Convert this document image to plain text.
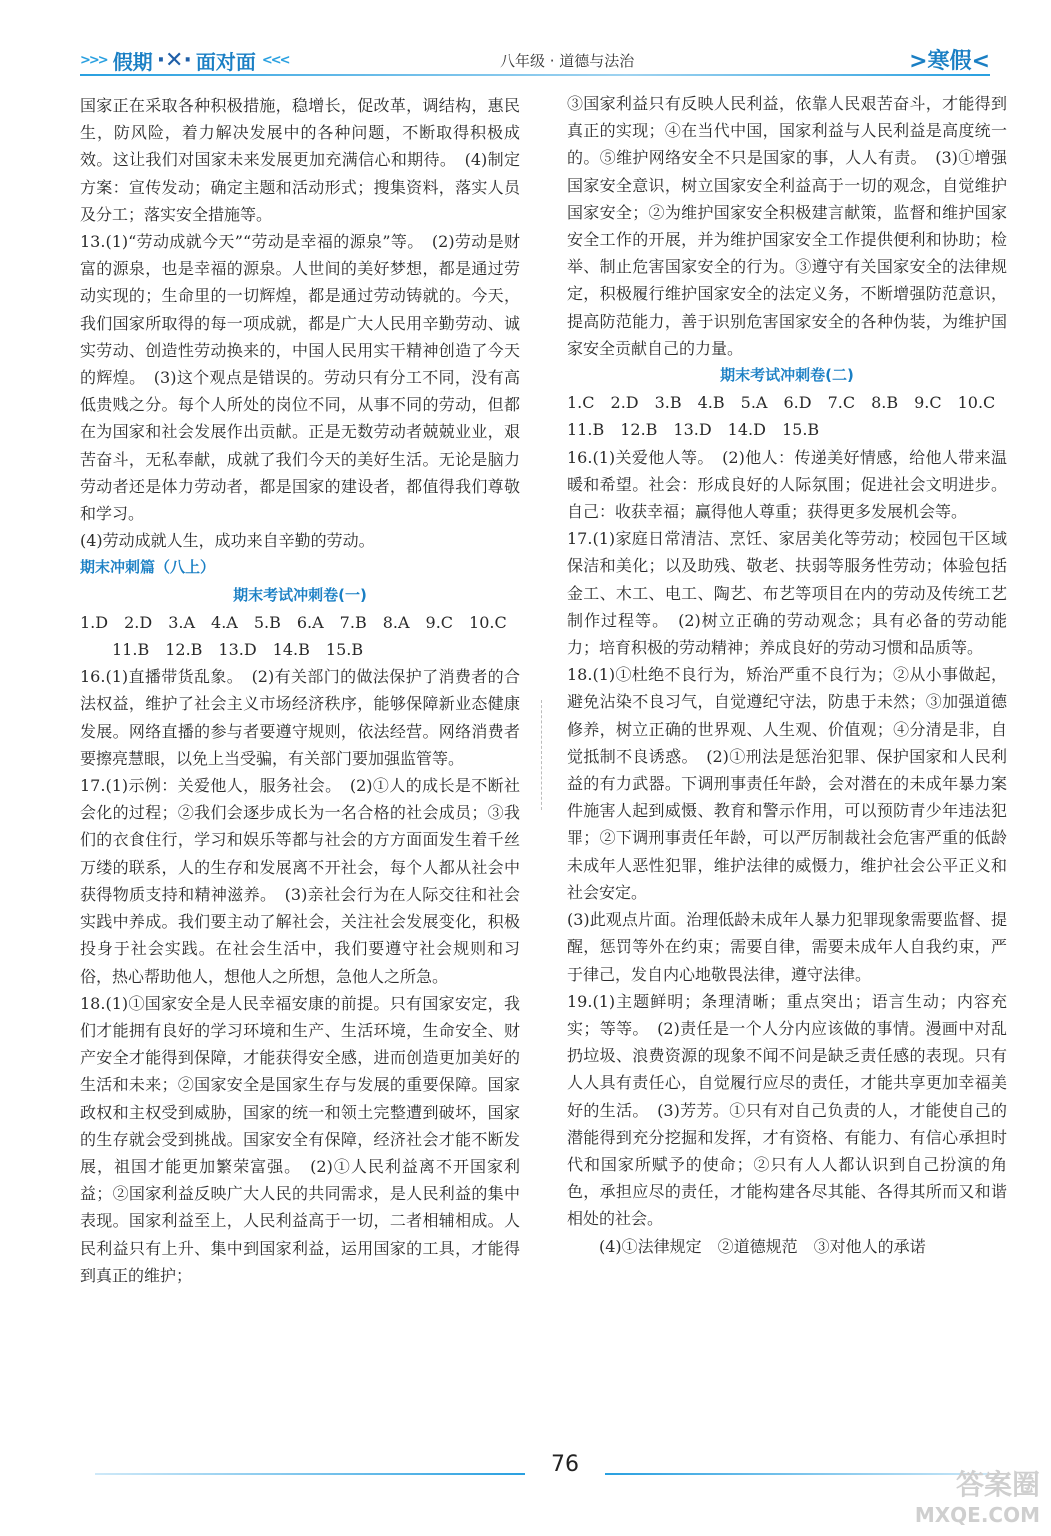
>>> 假期 ·✕· 面对面 <<<	八年级 · 道德与法治	>寒假<

国家正在采取各种积极措施，稳增长，促改革，调结构，惠民生，防风险，着力解决发展中的各种问题，不断取得积极成效。这让我们对国家未来发展更加充满信心和期待。　(4)制定方案：宣传发动；确定主题和活动形式；搜集资料，落实人员及分工；落实安全措施等。

13.(1)“劳动成就今天”“劳动是幸福的源泉”等。　(2)劳动是财富的源泉，也是幸福的源泉。人世间的美好梦想，都是通过劳动实现的；生命里的一切辉煌，都是通过劳动铸就的。今天，我们国家所取得的每一项成就，都是广大人民用辛勤劳动、诚实劳动、创造性劳动换来的，中国人民用实干精神创造了今天的辉煌。　(3)这个观点是错误的。劳动只有分工不同，没有高低贵贱之分。每个人所处的岗位不同，从事不同的劳动，但都在为国家和社会发展作出贡献。正是无数劳动者兢兢业业，艰苦奋斗，无私奉献，成就了我们今天的美好生活。无论是脑力劳动者还是体力劳动者，都是国家的建设者，都值得我们尊敬和学习。

(4)劳动成就人生，成功来自辛勤的劳动。

期末冲刺篇（八上）

期末考试冲刺卷(一)

1.D　2.D　3.A　4.A　5.B　6.A　7.B　8.A　9.C　10.C

11.B　12.B　13.D　14.B　15.B

16.(1)直播带货乱象。　(2)有关部门的做法保护了消费者的合法权益，维护了社会主义市场经济秩序，能够保障新业态健康发展。网络直播的参与者要遵守规则，依法经营。网络消费者要擦亮慧眼，以免上当受骗，有关部门要加强监管等。

17.(1)示例：关爱他人，服务社会。　(2)①人的成长是不断社会化的过程；②我们会逐步成长为一名合格的社会成员；③我们的衣食住行，学习和娱乐等都与社会的方方面面发生着千丝万缕的联系，人的生存和发展离不开社会，每个人都从社会中获得物质支持和精神滋养。　(3)亲社会行为在人际交往和社会实践中养成。我们要主动了解社会，关注社会发展变化，积极投身于社会实践。在社会生活中，我们要遵守社会规则和习俗，热心帮助他人，想他人之所想，急他人之所急。

18.(1)①国家安全是人民幸福安康的前提。只有国家安定，我们才能拥有良好的学习环境和生产、生活环境，生命安全、财产安全才能得到保障，才能获得安全感，进而创造更加美好的生活和未来；②国家安全是国家生存与发展的重要保障。国家政权和主权受到威胁，国家的统一和领土完整遭到破坏，国家的生存就会受到挑战。国家安全有保障，经济社会才能不断发展，祖国才能更加繁荣富强。　(2)①人民利益离不开国家利益；②国家利益反映广大人民的共同需求，是人民利益的集中表现。国家利益至上，人民利益高于一切，二者相辅相成。人民利益只有上升、集中到国家利益，运用国家的工具，才能得到真正的维护；

③国家利益只有反映人民利益，依靠人民艰苦奋斗，才能得到真正的实现；④在当代中国，国家利益与人民利益是高度统一的。⑤维护网络安全不只是国家的事，人人有责。　(3)①增强国家安全意识，树立国家安全利益高于一切的观念，自觉维护国家安全；②为维护国家安全积极建言献策，监督和维护国家安全工作的开展，并为维护国家安全工作提供便利和协助；检举、制止危害国家安全的行为。③遵守有关国家安全的法律规定，积极履行维护国家安全的法定义务，不断增强防范意识，提高防范能力，善于识别危害国家安全的各种伪装，为维护国家安全贡献自己的力量。

期末考试冲刺卷(二)

1.C　2.D　3.B　4.B　5.A　6.D　7.C　8.B　9.C　10.C

11.B　12.B　13.D　14.D　15.B

16.(1)关爱他人等。　(2)他人：传递美好情感，给他人带来温暖和希望。社会：形成良好的人际氛围；促进社会文明进步。自己：收获幸福；赢得他人尊重；获得更多发展机会等。

17.(1)家庭日常清洁、烹饪、家居美化等劳动；校园包干区域保洁和美化；以及助残、敬老、扶弱等服务性劳动；体验包括金工、木工、电工、陶艺、布艺等项目在内的劳动及传统工艺制作过程等。　(2)树立正确的劳动观念；具有必备的劳动能力；培育积极的劳动精神；养成良好的劳动习惯和品质等。

18.(1)①杜绝不良行为，矫治严重不良行为；②从小事做起，避免沾染不良习气，自觉遵纪守法，防患于未然；③加强道德修养，树立正确的世界观、人生观、价值观；④分清是非，自觉抵制不良诱惑。　(2)①刑法是惩治犯罪、保护国家和人民利益的有力武器。下调刑事责任年龄，会对潜在的未成年暴力案件施害人起到威慑、教育和警示作用，可以预防青少年违法犯罪；②下调刑事责任年龄，可以严厉制裁社会危害严重的低龄未成年人恶性犯罪，维护法律的威慑力，维护社会公平正义和社会安定。

(3)此观点片面。治理低龄未成年人暴力犯罪现象需要监督、提醒，惩罚等外在约束；需要自律，需要未成年人自我约束，严于律己，发自内心地敬畏法律，遵守法律。

19.(1)主题鲜明；条理清晰；重点突出；语言生动；内容充实；等等。　(2)责任是一个人分内应该做的事情。漫画中对乱扔垃圾、浪费资源的现象不闻不问是缺乏责任感的表现。只有人人具有责任心，自觉履行应尽的责任，才能共享更加幸福美好的生活。　(3)芳芳。①只有对自己负责的人，才能使自己的潜能得到充分挖掘和发挥，才有资格、有能力、有信心承担时代和国家所赋予的使命；②只有人人都认识到自己扮演的角色，承担应尽的责任，才能构建各尽其能、各得其所而又和谐相处的社会。

(4)①法律规定　②道德规范　③对他人的承诺

76
答案圈
MXQE.COM
